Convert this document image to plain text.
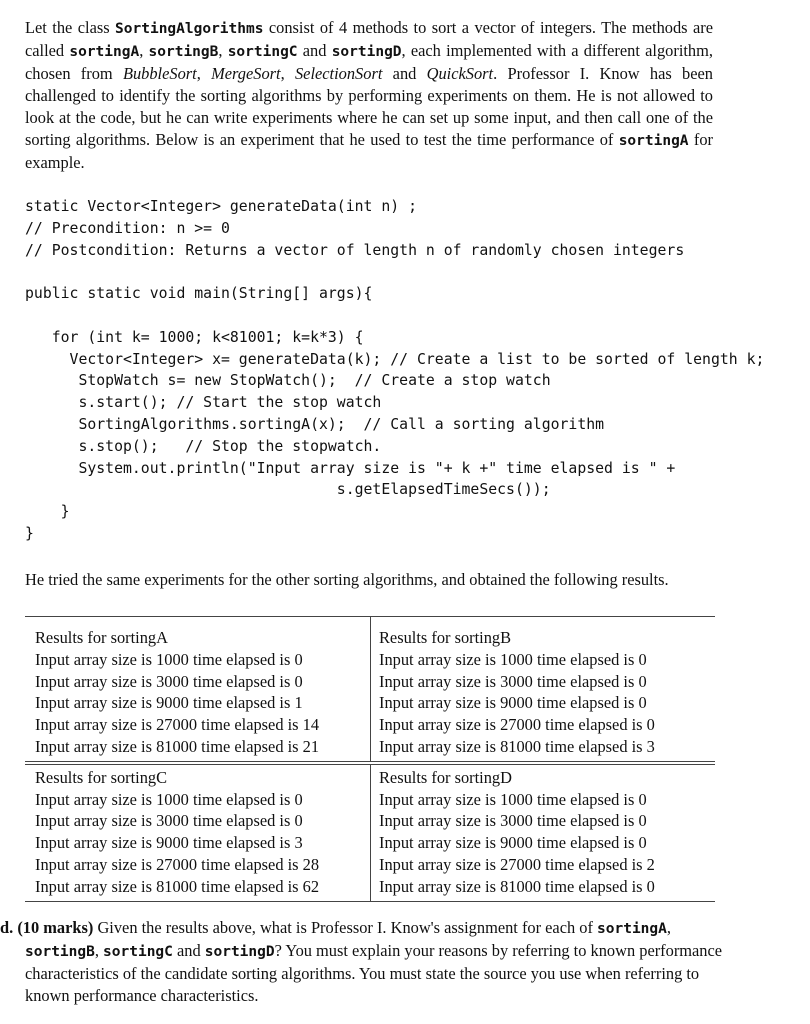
Let the class SortingAlgorithms consist of 4 methods to sort a vector of integers. The methods are called sortingA, sortingB, sortingC and sortingD, each implemented with a different algorithm, chosen from BubbleSort, MergeSort, SelectionSort and QuickSort. Professor I. Know has been challenged to identify the sorting algorithms by performing experiments on them. He is not allowed to look at the code, but he can write experiments where he can set up some input, and then call one of the sorting algorithms. Below is an experiment that he used to test the time performance of sortingA for example.

static Vector<Integer> generateData(int n) ;
// Precondition: n >= 0
// Postcondition: Returns a vector of length n of randomly chosen integers

public static void main(String[] args){

for (int k= 1000; k<81001; k=k*3) {
Vector<Integer> x= generateData(k); // Create a list to be sorted of length k;
StopWatch s= new StopWatch();  // Create a stop watch
s.start(); // Start the stop watch
SortingAlgorithms.sortingA(x);  // Call a sorting algorithm
s.stop();   // Stop the stopwatch.
System.out.println("Input array size is "+ k +" time elapsed is " +
s.getElapsedTimeSecs());
}
}

He tried the same experiments for the other sorting algorithms, and obtained the following results.

Results for sortingA
Input array size is 1000 time elapsed is 0
Input array size is 3000 time elapsed is 0
Input array size is 9000 time elapsed is 1
Input array size is 27000 time elapsed is 14
Input array size is 81000 time elapsed is 21
Results for sortingB
Input array size is 1000 time elapsed is 0
Input array size is 3000 time elapsed is 0
Input array size is 9000 time elapsed is 0
Input array size is 27000 time elapsed is 0
Input array size is 81000 time elapsed is 3
Results for sortingC
Input array size is 1000 time elapsed is 0
Input array size is 3000 time elapsed is 0
Input array size is 9000 time elapsed is 3
Input array size is 27000 time elapsed is 28
Input array size is 81000 time elapsed is 62
Results for sortingD
Input array size is 1000 time elapsed is 0
Input array size is 3000 time elapsed is 0
Input array size is 9000 time elapsed is 0
Input array size is 27000 time elapsed is 2
Input array size is 81000 time elapsed is 0

d. (10 marks) Given the results above, what is Professor I. Know's assignment for each of sortingA, sortingB, sortingC and sortingD? You must explain your reasons by referring to known performance characteristics of the candidate sorting algorithms. You must state the source you use when referring to known performance characteristics.
